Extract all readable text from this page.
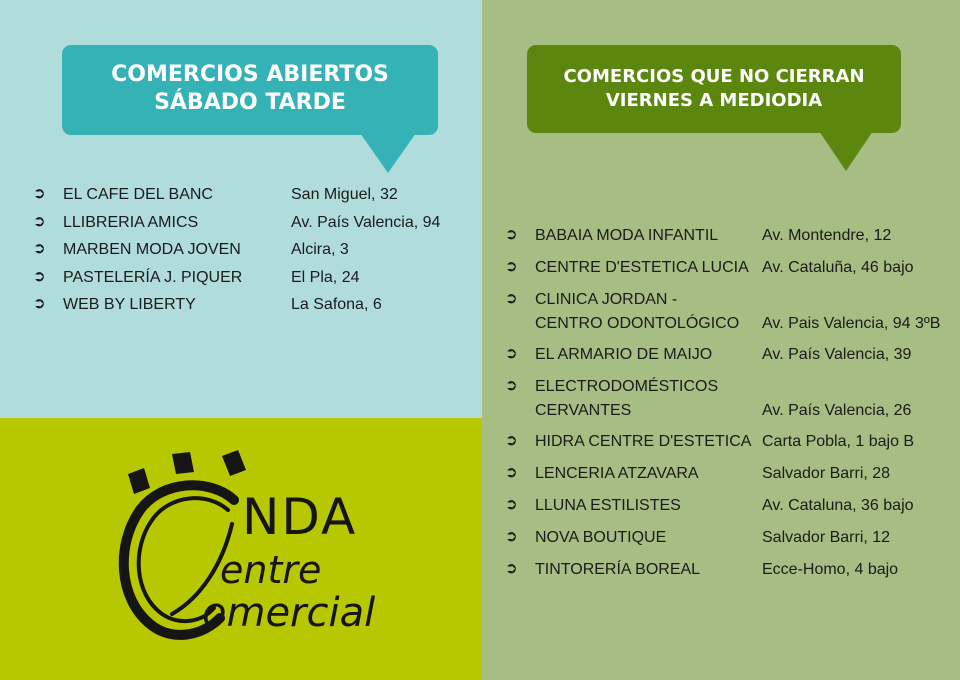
COMERCIOS ABIERTOS
SÁBADO TARDE
COMERCIOS QUE NO CIERRAN
VIERNES A MEDIODIA
➲ EL CAFE DEL BANC	San Miguel, 32
➲ LLIBRERIA AMICS	Av. País Valencia, 94
➲ MARBEN MODA JOVEN	Alcira, 3
➲ PASTELERÍA J. PIQUER	El Pla, 24
➲ WEB BY LIBERTY	La Safona, 6
➲ BABAIA MODA INFANTIL	Av. Montendre, 12
➲ CENTRE D'ESTETICA LUCIA Av. Cataluña, 46 bajo
➲ CLINICA JORDAN -
CENTRO ODONTOLÓGICO Av. Pais Valencia, 94 3ºB
➲ EL ARMARIO DE MAIJO	Av. País Valencia, 39
➲ ELECTRODOMÉSTICOS
CERVANTES	Av. País Valencia, 26
➲ HIDRA CENTRE D'ESTETICA Carta Pobla, 1 bajo B
➲ LENCERIA ATZAVARA	Salvador Barri, 28
➲ LLUNA ESTILISTES	Av. Cataluna, 36 bajo
➲ NOVA BOUTIQUE	Salvador Barri, 12
➲ TINTORERÍA BOREAL	Ecce-Homo, 4 bajo
NDA
entre
omercial
